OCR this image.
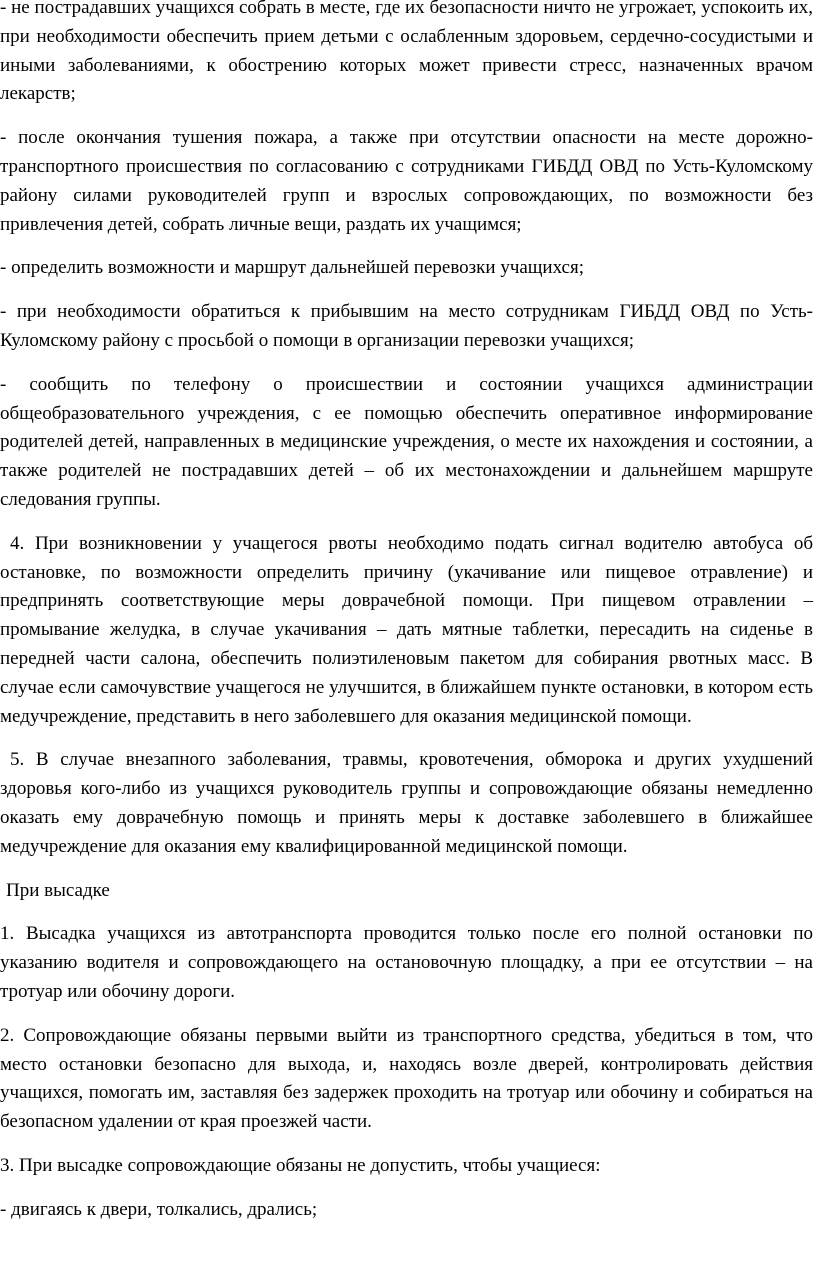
- не пострадавших учащихся собрать в месте, где их безопасности ничто не угрожает, успокоить их, при необходимости обеспечить прием детьми с ослабленным здоровьем, сердечно-сосудистыми и иными заболеваниями, к обострению которых может привести стресс, назначенных врачом лекарств;

- после окончания тушения пожара, а также при отсутствии опасности на месте дорожно-транспортного происшествия по согласованию с сотрудниками ГИБДД ОВД по Усть-Куломскому району силами руководителей групп и взрослых сопровождающих, по возможности без привлечения детей, собрать личные вещи, раздать их учащимся;

- определить возможности и маршрут дальнейшей перевозки учащихся;

- при необходимости обратиться к прибывшим на место сотрудникам ГИБДД ОВД по Усть-Куломскому району с просьбой о помощи в организации перевозки учащихся;

- сообщить по телефону о происшествии и состоянии учащихся администрации общеобразовательного учреждения, с ее помощью обеспечить оперативное информирование родителей детей, направленных в медицинские учреждения, о месте их нахождения и состоянии, а также родителей не пострадавших детей – об их местонахождении и дальнейшем маршруте следования группы.

4. При возникновении у учащегося рвоты необходимо подать сигнал водителю автобуса об остановке, по возможности определить причину (укачивание или пищевое отравление) и предпринять соответствующие меры доврачебной помощи. При пищевом отравлении – промывание желудка, в случае укачивания – дать мятные таблетки, пересадить на сиденье в передней части салона, обеспечить полиэтиленовым пакетом для собирания рвотных масс. В случае если самочувствие учащегося не улучшится, в ближайшем пункте остановки, в котором есть медучреждение, представить в него заболевшего для оказания медицинской помощи.

5. В случае внезапного заболевания, травмы, кровотечения, обморока и других ухудшений здоровья кого-либо из учащихся руководитель группы и сопровождающие обязаны немедленно оказать ему доврачебную помощь и принять меры к доставке заболевшего в ближайшее медучреждение для оказания ему квалифицированной медицинской помощи.

При высадке

1. Высадка учащихся из автотранспорта проводится только после его полной остановки по указанию водителя и сопровождающего на остановочную площадку, а при ее отсутствии – на тротуар или обочину дороги.

2. Сопровождающие обязаны первыми выйти из транспортного средства, убедиться в том, что место остановки безопасно для выхода, и, находясь возле дверей, контролировать действия учащихся, помогать им, заставляя без задержек проходить на тротуар или обочину и собираться на безопасном удалении от края проезжей части.

3. При высадке сопровождающие обязаны не допустить, чтобы учащиеся:

- двигаясь к двери, толкались, дрались;
